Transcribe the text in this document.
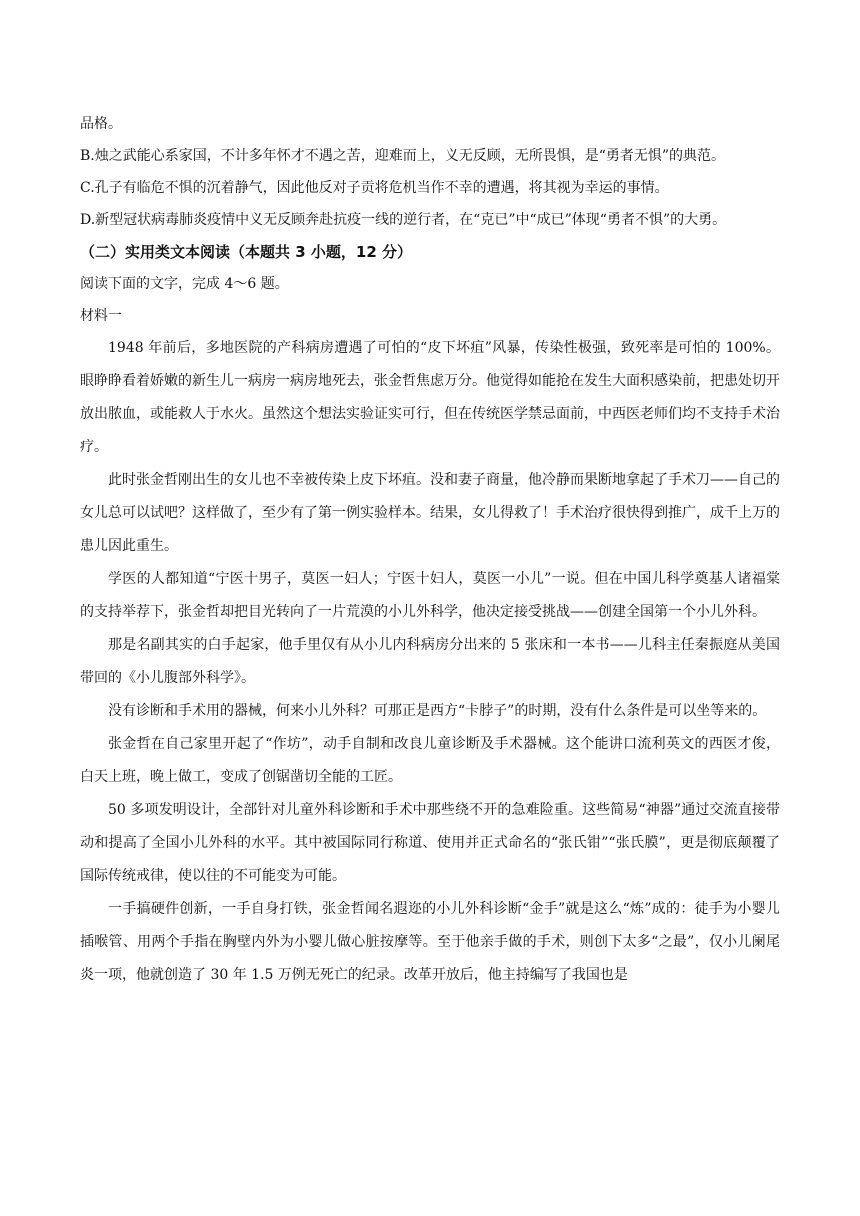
品格。

B.烛之武能心系家国，不计多年怀才不遇之苦，迎难而上，义无反顾，无所畏惧，是“勇者无惧”的典范。

C.孔子有临危不惧的沉着静气，因此他反对子贡将危机当作不幸的遭遇，将其视为幸运的事情。

D.新型冠状病毒肺炎疫情中义无反顾奔赴抗疫一线的逆行者，在“克已”中“成已”体现“勇者不惧”的大勇。

（二）实用类文本阅读（本题共 3 小题，12 分）

阅读下面的文字，完成 4～6 题。

材料一

1948 年前后，多地医院的产科病房遭遇了可怕的“皮下坏疽”风暴，传染性极强，致死率是可怕的 100%。眼睁睁看着娇嫩的新生儿一病房一病房地死去，张金哲焦虑万分。他觉得如能抢在发生大面积感染前，把患处切开放出脓血，或能救人于水火。虽然这个想法实验证实可行，但在传统医学禁忌面前，中西医老师们均不支持手术治疗。

此时张金哲刚出生的女儿也不幸被传染上皮下坏疽。没和妻子商量，他冷静而果断地拿起了手术刀——自己的女儿总可以试吧？这样做了，至少有了第一例实验样本。结果，女儿得救了！手术治疗很快得到推广，成千上万的患儿因此重生。

学医的人都知道“宁医十男子，莫医一妇人；宁医十妇人，莫医一小儿”一说。但在中国儿科学奠基人诸福棠的支持举荐下，张金哲却把目光转向了一片荒漠的小儿外科学，他决定接受挑战——创建全国第一个小儿外科。

那是名副其实的白手起家，他手里仅有从小儿内科病房分出来的 5 张床和一本书——儿科主任秦振庭从美国带回的《小儿腹部外科学》。

没有诊断和手术用的器械，何来小儿外科？可那正是西方“卡脖子”的时期，没有什么条件是可以坐等来的。

张金哲在自己家里开起了“作坊”，动手自制和改良儿童诊断及手术器械。这个能讲口流利英文的西医才俊，白天上班，晚上做工，变成了创锯凿切全能的工匠。

50 多项发明设计，全部针对儿童外科诊断和手术中那些绕不开的急难险重。这些简易“神器”通过交流直接带动和提高了全国小儿外科的水平。其中被国际同行称道、使用并正式命名的“张氏钳”“张氏膜”，更是彻底颠覆了国际传统戒律，使以往的不可能变为可能。

一手搞硬件创新，一手自身打铁，张金哲闻名遐迩的小儿外科诊断“金手”就是这么“炼”成的：徒手为小婴儿插喉管、用两个手指在胸壁内外为小婴儿做心脏按摩等。至于他亲手做的手术，则创下太多“之最”，仅小儿阑尾炎一项，他就创造了 30 年 1.5 万例无死亡的纪录。改革开放后，他主持编写了我国也是
